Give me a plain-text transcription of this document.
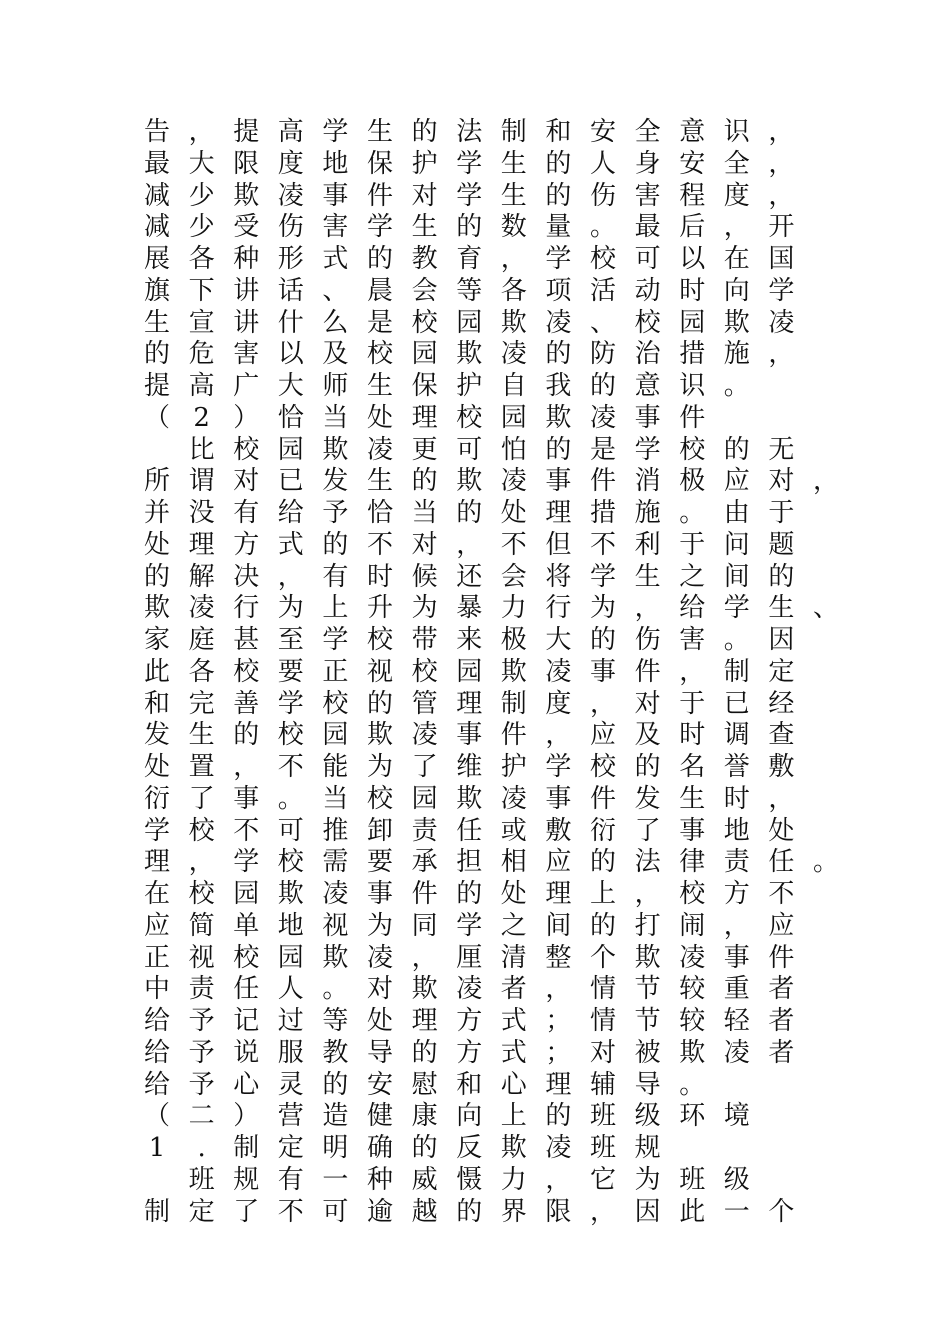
告 ， 提 高 学 生 的 法 制 和 安 全 意 识 ，
最 大 限 度 地 保 护 学 生 的 人 身 安 全 ，
减 少 欺 凌 事 件 对 学 生 的 伤 害 程 度 ，
减 少 受 伤 害 学 生 的 数 量 。 最 后 ， 开
展 各 种 形 式 的 教 育 ， 学 校 可 以 在 国
旗 下 讲 话 、 晨 会 等 各 项 活 动 时 向 学
生 宣 讲 什 么 是 校 园 欺 凌 、 校 园 欺 凌
的 危 害 以 及 校 园 欺 凌 的 防 治 措 施 ，
提 高 广 大 师 生 保 护 自 我 的 意 识 。
（ 2 ） 恰 当 处 理 校 园 欺 凌 事 件

比 校 园 欺 凌 更 可 怕 的 是 学 校 的 无
所 谓 对 已 发 生 的 欺 凌 事 件 消 极 应 对 ，
并 没 有 给 予 恰 当 的 处 理 措 施 。 由 于
处 理 方 式 的 不 对 ， 不 但 不 利 于 问 题
的 解 决 ， 有 时 候 还 会 将 学 生 之 间 的
欺 凌 行 为 上 升 为 暴 力 行 为 ， 给 学 生 、
家 庭 甚 至 学 校 带 来 极 大 的 伤 害 。 因
此 各 校 要 正 视 校 园 欺 凌 事 件 ， 制 定
和 完 善 学 校 的 管 理 制 度 ， 对 于 已 经
发 生 的 校 园 欺 凌 事 件 ， 应 及 时 调 查
处 置 ， 不 能 为 了 维 护 学 校 的 名 誉 敷
衍 了 事 。 当 校 园 欺 凌 事 件 发 生 时 ，
学 校 不 可 推 卸 责 任 或 敷 衍 了 事 地 处
理 ， 学 校 需 要 承 担 相 应 的 法 律 责 任 。
在 校 园 欺 凌 事 件 的 处 理 上 ， 校 方 不
应 简 单 地 视 为 同 学 之 间 的 打 闹 ， 应
正 视 校 园 欺 凌 ， 厘 清 整 个 欺 凌 事 件
中 责 任 人 。 对 欺 凌 者 ， 情 节 较 重 者
给 予 记 过 等 处 理 方 式 ； 情 节 较 轻 者
给 予 说 服 教 导 的 方 式 ； 对 被 欺 凌 者
给 予 心 灵 的 安 慰 和 心 理 辅 导 。
（ 二 ） 营 造 健 康 向 上 的 班 级 环 境
1	.	制 定 明 确 的 反 欺 凌 班 规

班 规 有 一 种 威 慑 力 ， 它 为 班 级
制 定 了 不 可 逾 越 的 界 限 ， 因 此 一 个
